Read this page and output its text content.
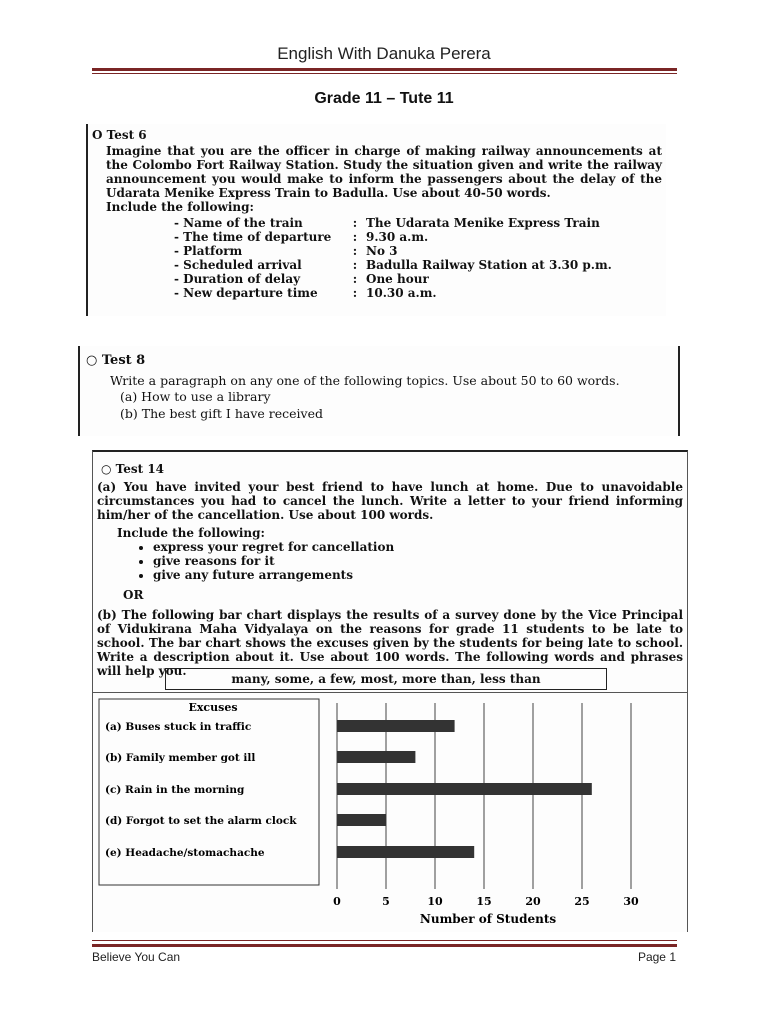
English With Danuka Perera
Grade 11 – Tute 11
O Test 6
Imagine that you are the officer in charge of making railway announcements at the Colombo Fort Railway Station. Study the situation given and write the railway announcement you would make to inform the passengers about the delay of the Udarata Menike Express Train to Badulla. Use about 40-50 words.
Include the following:
- Name of the train	: The Udarata Menike Express Train
- The time of departure	: 9.30 a.m.
- Platform	: No 3
- Scheduled arrival	: Badulla Railway Station at 3.30 p.m.
- Duration of delay	: One hour
- New departure time	: 10.30 a.m.
○ Test 8
Write a paragraph on any one of the following topics. Use about 50 to 60 words.
(a) How to use a library
(b) The best gift I have received
○ Test 14
(a) You have invited your best friend to have lunch at home. Due to unavoidable circumstances you had to cancel the lunch. Write a letter to your friend informing him/her of the cancellation. Use about 100 words.
Include the following:
• express your regret for cancellation
• give reasons for it
• give any future arrangements
OR
(b) The following bar chart displays the results of a survey done by the Vice Principal of Vidukirana Maha Vidyalaya on the reasons for grade 11 students to be late to school. The bar chart shows the excuses given by the students for being late to school. Write a description about it. Use about 100 words. The following words and phrases will help you.
many, some, a few, most, more than, less than
Excuses
(a) Buses stuck in traffic
(b) Family member got ill
(c) Rain in the morning
(d) Forgot to set the alarm clock
(e) Headache/stomachache
0	5	10	15	20	25	30
Number of Students
Believe You Can	Page 1
